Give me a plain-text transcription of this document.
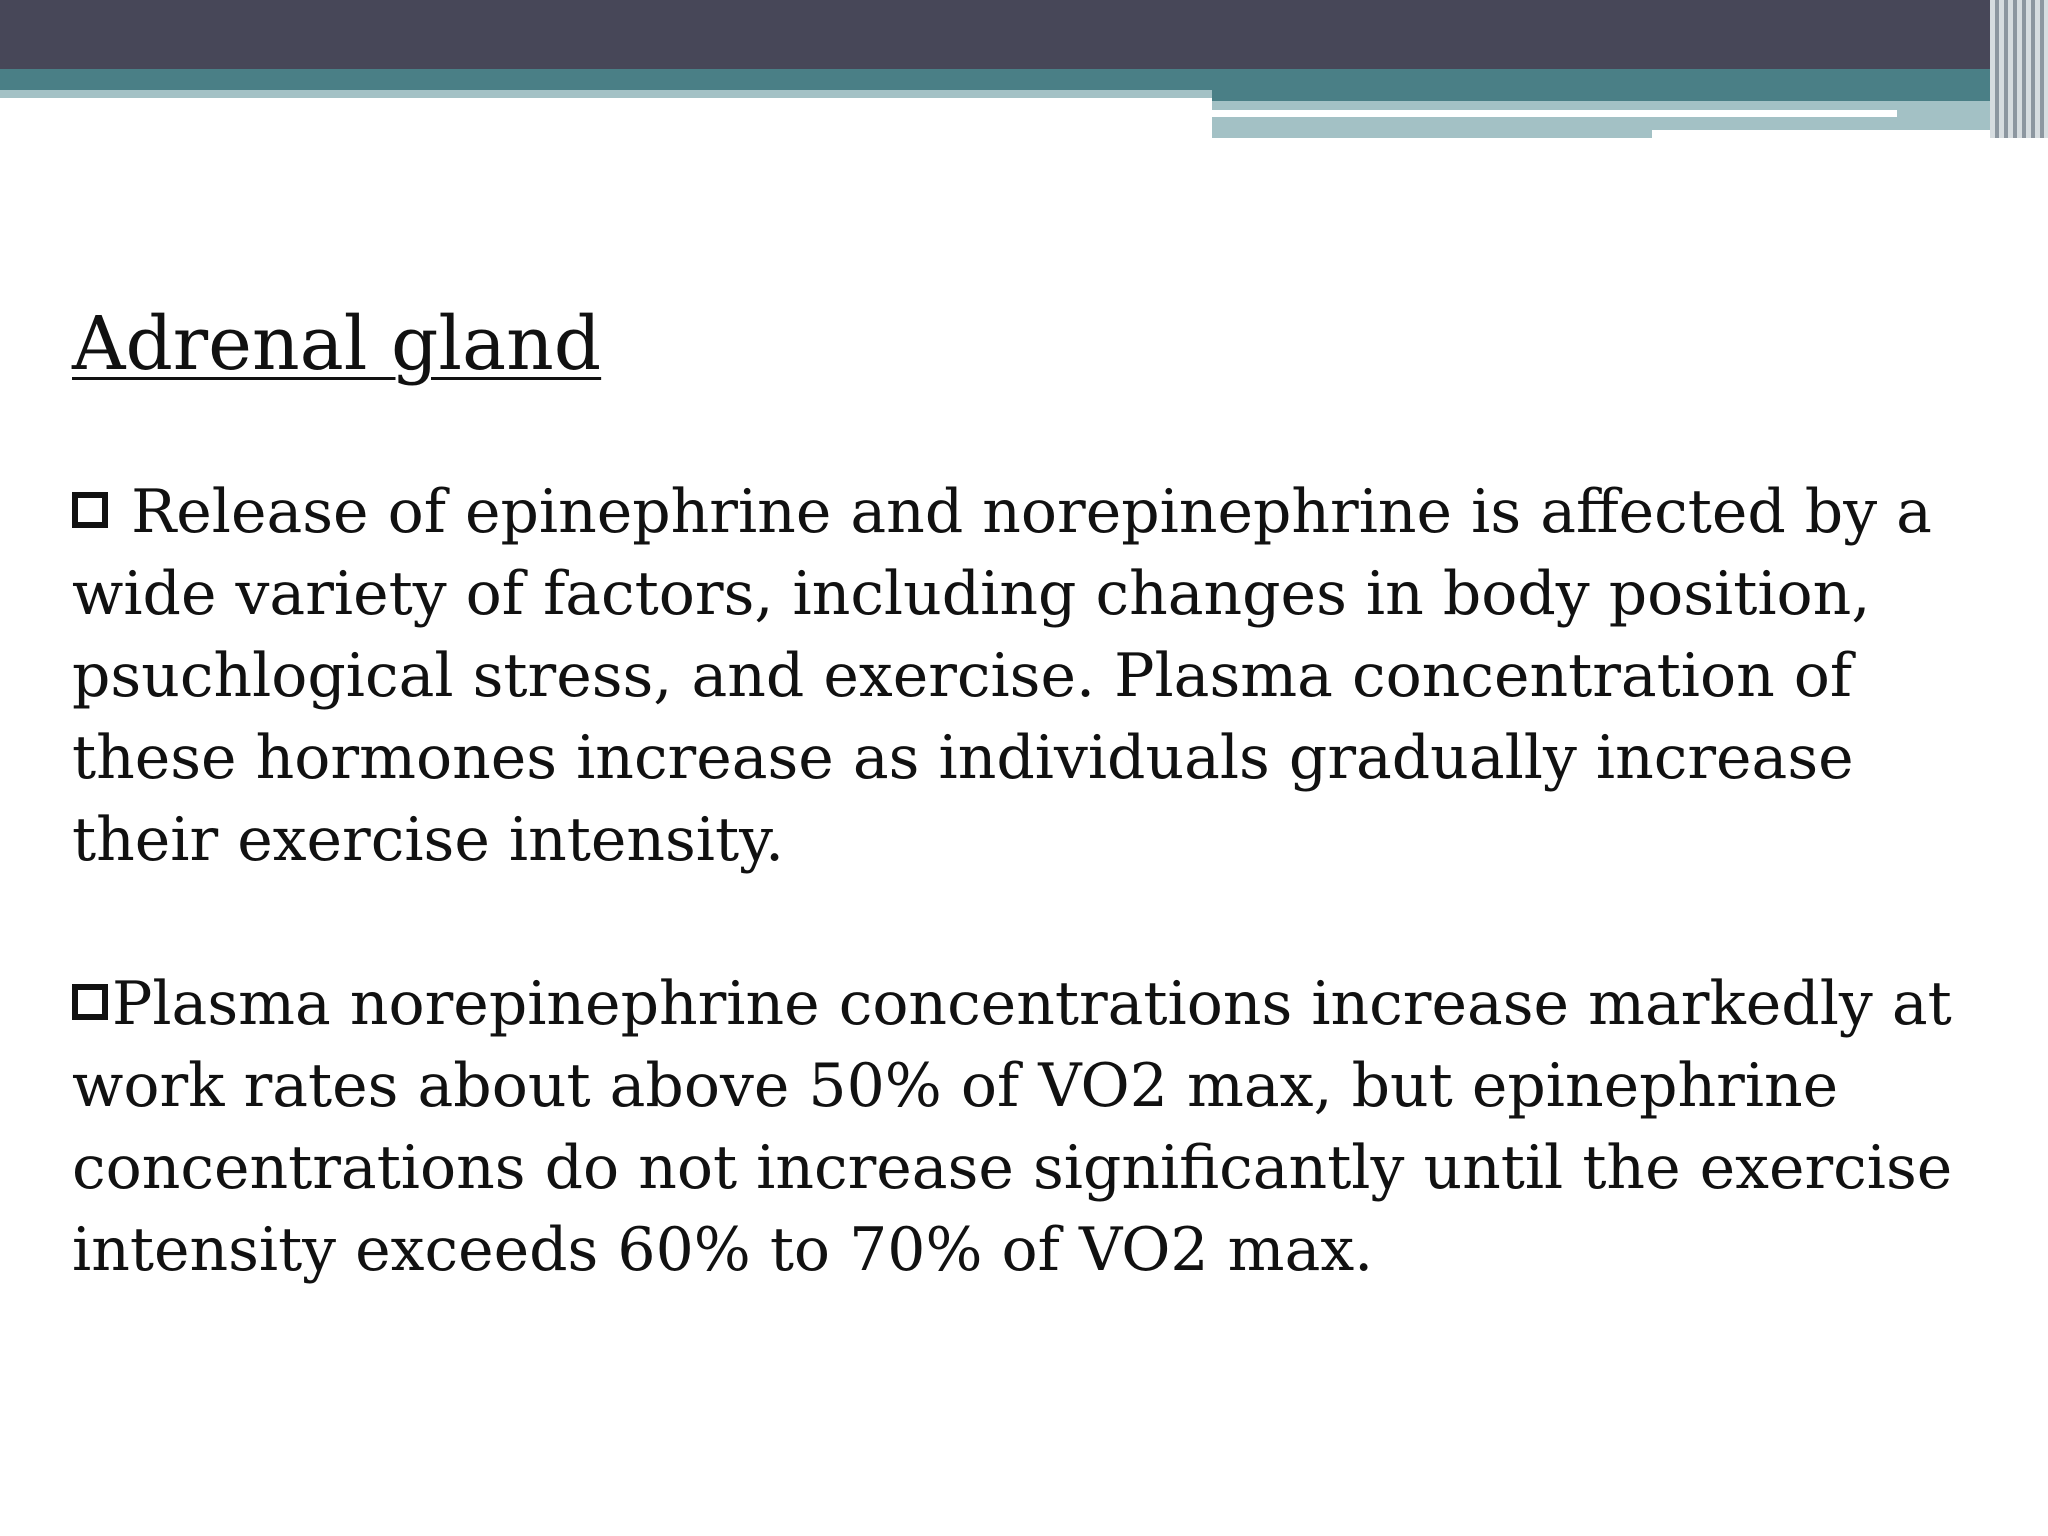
Adrenal gland

Release of epinephrine and norepinephrine is affected by a wide variety of factors, including changes in body position, psuchlogical stress, and exercise. Plasma concentration of these hormones increase as individuals gradually increase their exercise intensity.

Plasma norepinephrine concentrations increase markedly at work rates about above 50% of VO2 max, but epinephrine concentrations do not increase significantly until the exercise intensity exceeds 60% to 70% of VO2 max.
